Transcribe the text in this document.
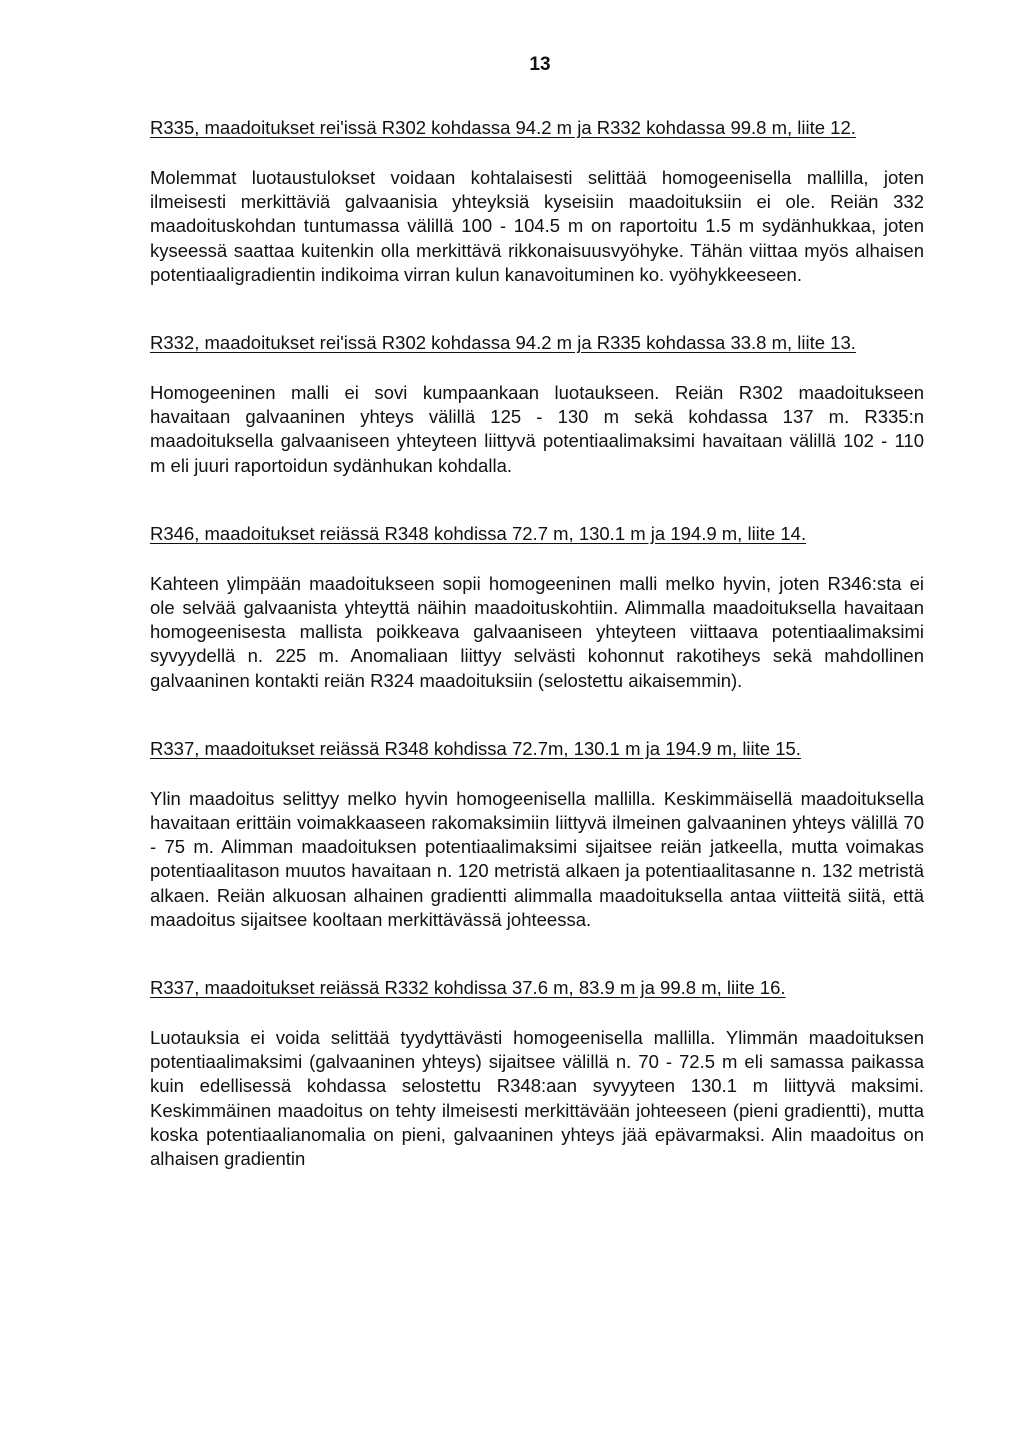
13

R335, maadoitukset rei'issä R302 kohdassa 94.2 m ja R332 kohdassa 99.8 m, liite 12.

Molemmat luotaustulokset voidaan kohtalaisesti selittää homogeenisella mallilla, joten ilmeisesti merkittäviä galvaanisia yhteyksiä kyseisiin maadoituksiin ei ole. Reiän 332 maadoituskohdan tuntumassa välillä 100 - 104.5 m on raportoitu 1.5 m sydänhukkaa, joten kyseessä saattaa kuitenkin olla merkittävä rikkonaisuusvyöhyke. Tähän viittaa myös alhaisen potentiaaligradientin indikoima virran kulun kanavoituminen ko. vyöhykkeeseen.

R332, maadoitukset rei'issä R302 kohdassa 94.2 m ja R335 kohdassa 33.8 m, liite 13.

Homogeeninen malli ei sovi kumpaankaan luotaukseen. Reiän R302 maadoitukseen havaitaan galvaaninen yhteys välillä 125 - 130 m sekä kohdassa 137 m. R335:n maadoituksella galvaaniseen yhteyteen liittyvä potentiaalimaksimi havaitaan välillä 102 - 110 m eli juuri raportoidun sydänhukan kohdalla.

R346, maadoitukset reiässä R348 kohdissa 72.7 m, 130.1 m ja 194.9 m, liite 14.

Kahteen ylimpään maadoitukseen sopii homogeeninen malli melko hyvin, joten R346:sta ei ole selvää galvaanista yhteyttä näihin maadoituskohtiin. Alimmalla maadoituksella havaitaan homogeenisesta mallista poikkeava galvaaniseen yhteyteen viittaava potentiaalimaksimi syvyydellä n. 225 m. Anomaliaan liittyy selvästi kohonnut rakotiheys sekä mahdollinen galvaaninen kontakti reiän R324 maadoituksiin (selostettu aikaisemmin).

R337, maadoitukset reiässä R348 kohdissa 72.7m, 130.1 m ja 194.9 m, liite 15.

Ylin maadoitus selittyy melko hyvin homogeenisella mallilla. Keskimmäisellä maadoituksella havaitaan erittäin voimakkaaseen rakomaksimiin liittyvä ilmeinen galvaaninen yhteys välillä 70 - 75 m. Alimman maadoituksen potentiaalimaksimi sijaitsee reiän jatkeella, mutta voimakas potentiaalitason muutos havaitaan n. 120 metristä alkaen ja potentiaalitasanne n. 132 metristä alkaen. Reiän alkuosan alhainen gradientti alimmalla maadoituksella antaa viitteitä siitä, että maadoitus sijaitsee kooltaan merkittävässä johteessa.

R337, maadoitukset reiässä R332 kohdissa 37.6 m, 83.9 m ja 99.8 m, liite 16.

Luotauksia ei voida selittää tyydyttävästi homogeenisella mallilla. Ylimmän maadoituksen potentiaalimaksimi (galvaaninen yhteys) sijaitsee välillä n. 70 - 72.5 m eli samassa paikassa kuin edellisessä kohdassa selostettu R348:aan syvyyteen 130.1 m liittyvä maksimi. Keskimmäinen maadoitus on tehty ilmeisesti merkittävään johteeseen (pieni gradientti), mutta koska potentiaalianomalia on pieni, galvaaninen yhteys jää epävarmaksi. Alin maadoitus on alhaisen gradientin
